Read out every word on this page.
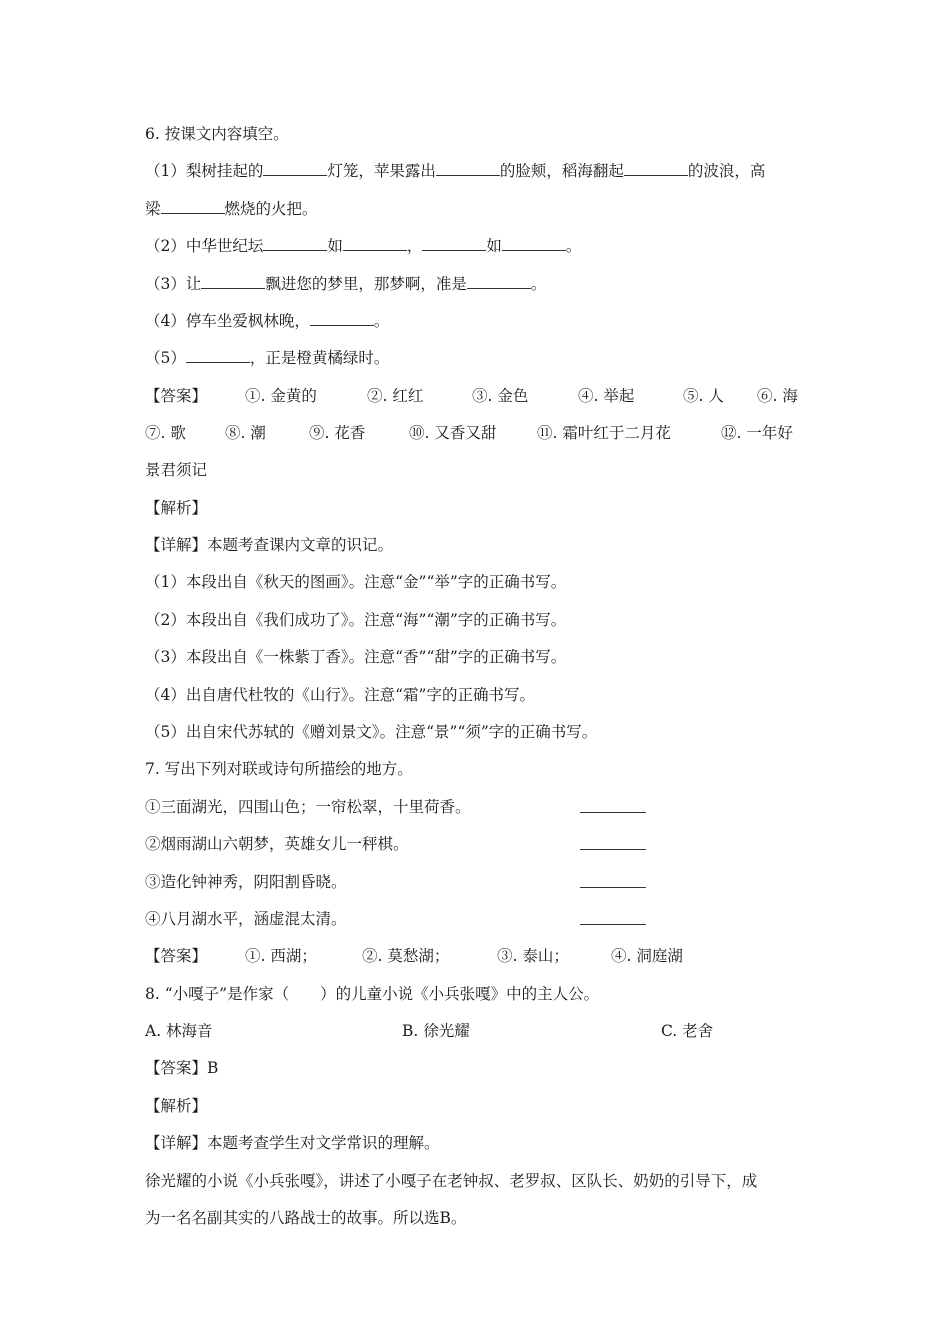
6. 按课文内容填空。
（1）梨树挂起的	灯笼，苹果露出	的脸颊，稻海翻起	的波浪，高
梁	燃烧的火把。
（2）中华世纪坛	如	，	如	。
（3）让	飘进您的梦里，那梦啊，准是	。
（4）停车坐爱枫林晚，	。
（5）	，正是橙黄橘绿时。
【答案】 ①. 金黄的	②. 红红	③. 金色	④. 举起	⑤. 人 ⑥. 海
⑦. 歌	⑧. 潮	⑨. 花香	⑩. 又香又甜	⑪. 霜叶红于二月花	⑫. 一年好
景君须记
【解析】
【详解】本题考查课内文章的识记。
（1）本段出自《秋天的图画》。注意“金”“举”字的正确书写。
（2）本段出自《我们成功了》。注意“海”“潮”字的正确书写。
（3）本段出自《一株紫丁香》。注意“香”“甜”字的正确书写。
（4）出自唐代杜牧的《山行》。注意“霜”字的正确书写。
（5）出自宋代苏轼的《赠刘景文》。注意“景”“须”字的正确书写。
7. 写出下列对联或诗句所描绘的地方。
①三面湖光，四围山色；一帘松翠，十里荷香。
②烟雨湖山六朝梦，英雄女儿一秤棋。
③造化钟神秀，阴阳割昏晓。
④八月湖水平，涵虚混太清。
【答案】 ①. 西湖；	②. 莫愁湖；	③. 泰山；	④. 洞庭湖
8. “小嘎子”是作家（　　）的儿童小说《小兵张嘎》中的主人公。
A. 林海音	B. 徐光耀	C. 老舍
【答案】B
【解析】
【详解】本题考查学生对文学常识的理解。
徐光耀的小说《小兵张嘎》，讲述了小嘎子在老钟叔、老罗叔、区队长、奶奶的引导下，成
为一名名副其实的八路战士的故事。所以选B。
